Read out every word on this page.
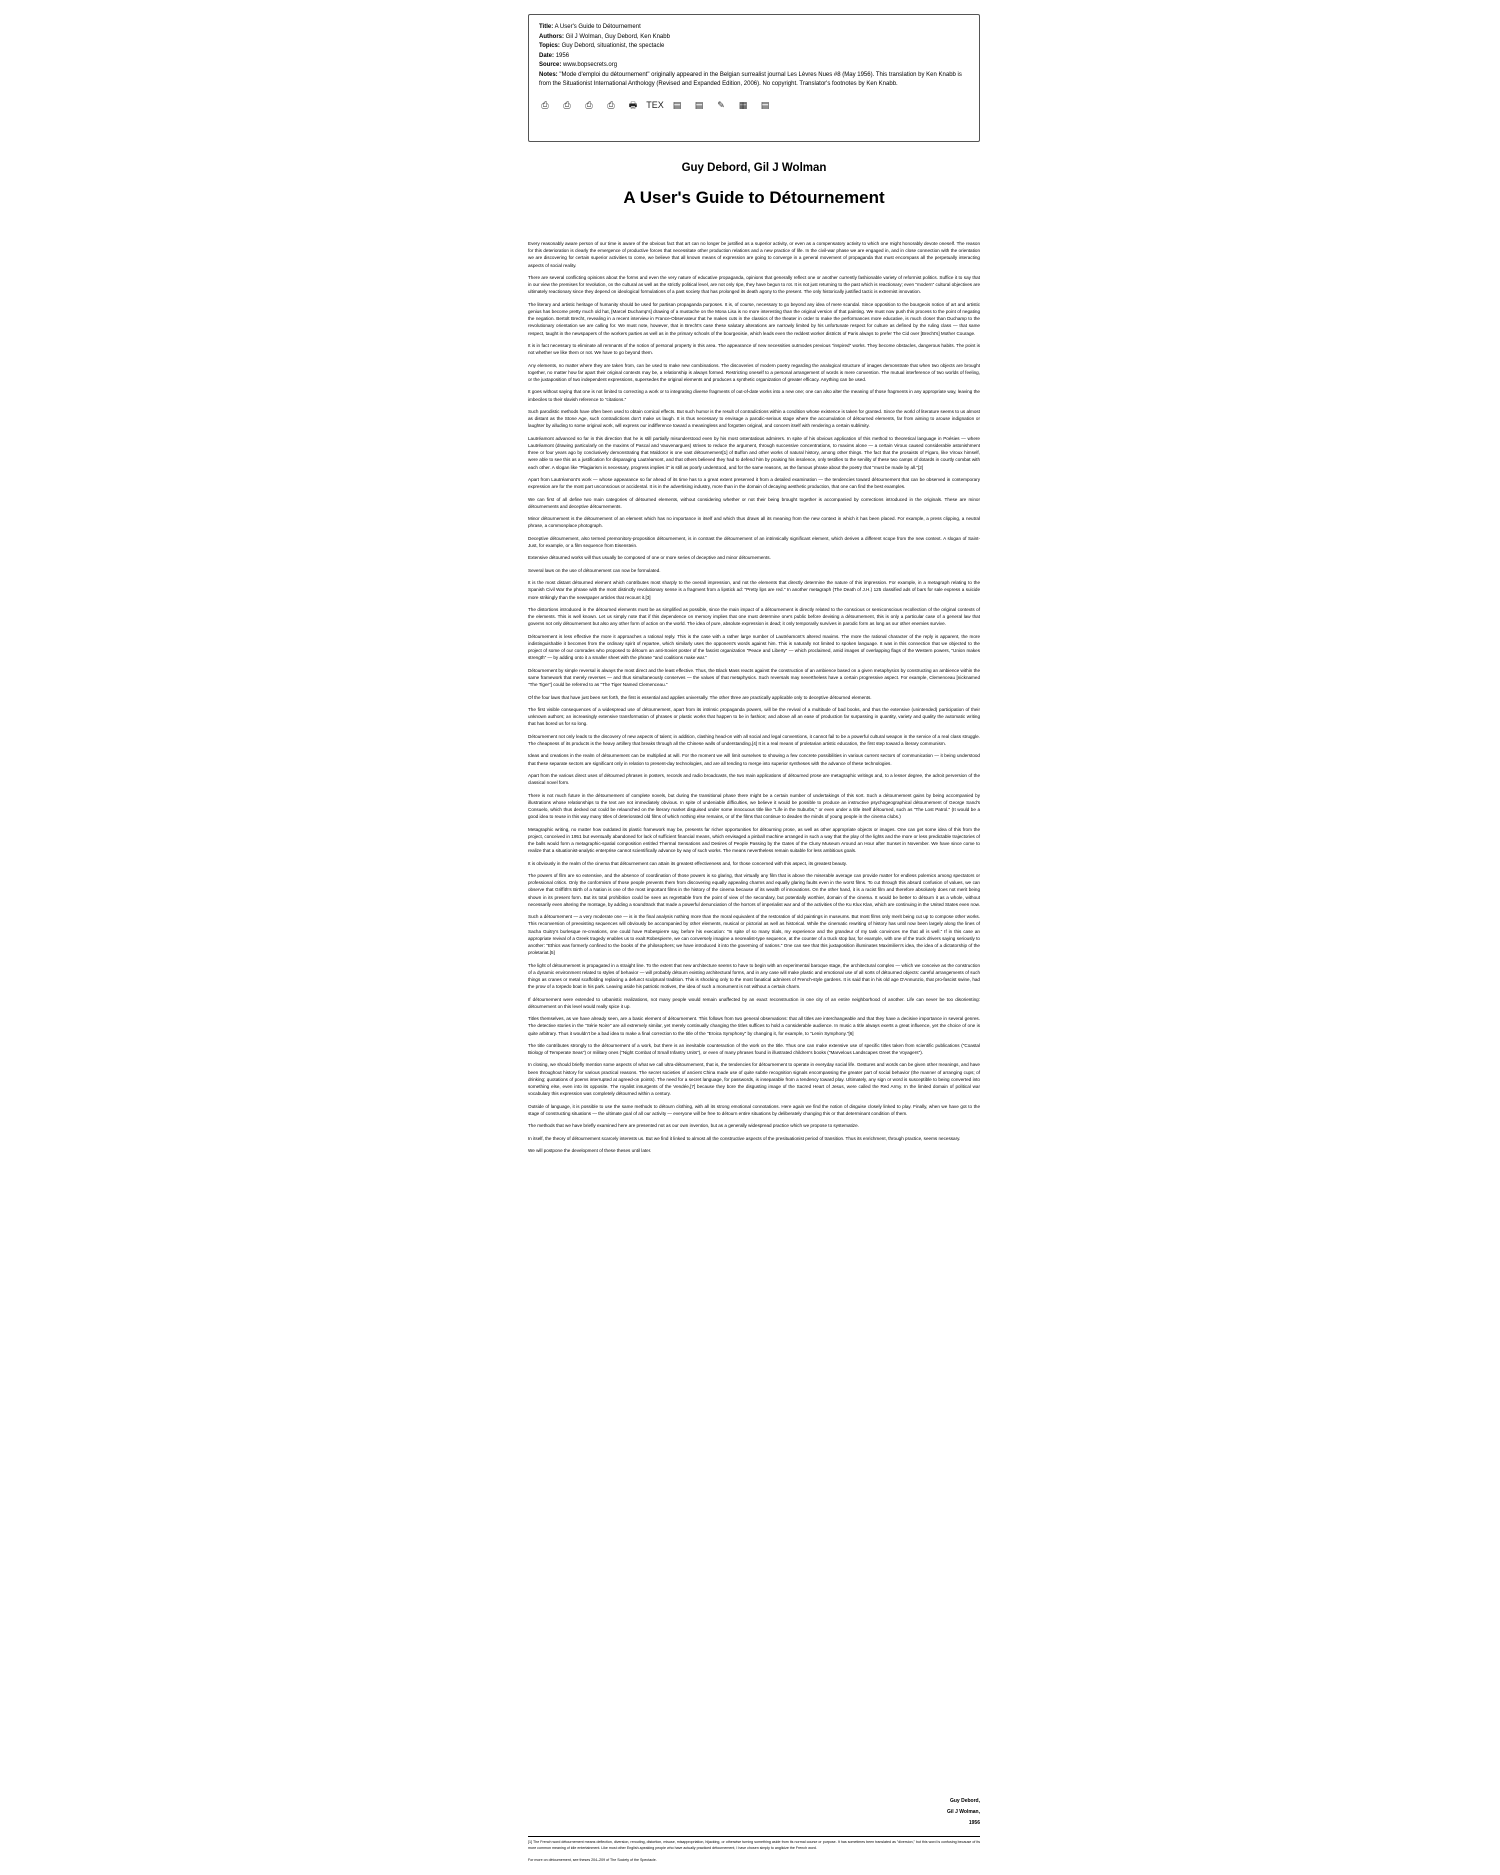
Title: A User's Guide to Détournement
Authors: Gil J Wolman, Guy Debord, Ken Knabb
Topics: Guy Debord, situationist, the spectacle
Date: 1956
Source: www.bopsecrets.org
Notes: "Mode d'emploi du détournement" originally appeared in the Belgian surrealist journal Les Lèvres Nues #8 (May 1956). This translation by Ken Knabb is from the Situationist International Anthology (Revised and Expanded Edition, 2006). No copyright. Translator's footnotes by Ken Knabb.
⎙ ⎙ ⎙ ⎙ 🖶 TEX ▤ ▤ ✎ ▦ ▤
Guy Debord, Gil J Wolman
A User's Guide to Détournement

Every reasonably aware person of our time is aware of the obvious fact that art can no longer be justified as a superior activity, or even as a compensatory activity to which one might honorably devote oneself. The reason for this deterioration is clearly the emergence of productive forces that necessitate other production relations and a new practice of life. In the civil-war phase we are engaged in, and in close connection with the orientation we are discovering for certain superior activities to come, we believe that all known means of expression are going to converge in a general movement of propaganda that must encompass all the perpetually interacting aspects of social reality.

There are several conflicting opinions about the forms and even the very nature of educative propaganda, opinions that generally reflect one or another currently fashionable variety of reformist politics. Suffice it to say that in our view the premises for revolution, on the cultural as well as the strictly political level, are not only ripe, they have begun to rot. It is not just returning to the past which is reactionary; even "modern" cultural objectives are ultimately reactionary since they depend on ideological formulations of a past society that has prolonged its death agony to the present. The only historically justified tactic is extremist innovation.

The literary and artistic heritage of humanity should be used for partisan propaganda purposes. It is, of course, necessary to go beyond any idea of mere scandal. Since opposition to the bourgeois notion of art and artistic genius has become pretty much old hat, [Marcel Duchamp's] drawing of a mustache on the Mona Lisa is no more interesting than the original version of that painting. We must now push this process to the point of negating the negation. Bertolt Brecht, revealing in a recent interview in France-Observateur that he makes cuts in the classics of the theater in order to make the performances more educative, is much closer than Duchamp to the revolutionary orientation we are calling for. We must note, however, that in Brecht's case these salutary alterations are narrowly limited by his unfortunate respect for culture as defined by the ruling class — that same respect, taught in the newspapers of the workers parties as well as in the primary schools of the bourgeoisie, which leads even the reddest worker districts of Paris always to prefer The Cid over [Brecht's] Mother Courage.

It is in fact necessary to eliminate all remnants of the notion of personal property in this area. The appearance of new necessities outmodes previous "inspired" works. They become obstacles, dangerous habits. The point is not whether we like them or not. We have to go beyond them.

Any elements, no matter where they are taken from, can be used to make new combinations. The discoveries of modern poetry regarding the analogical structure of images demonstrate that when two objects are brought together, no matter how far apart their original contexts may be, a relationship is always formed. Restricting oneself to a personal arrangement of words is mere convention. The mutual interference of two worlds of feeling, or the juxtaposition of two independent expressions, supersedes the original elements and produces a synthetic organization of greater efficacy. Anything can be used.

It goes without saying that one is not limited to correcting a work or to integrating diverse fragments of out-of-date works into a new one; one can also alter the meaning of those fragments in any appropriate way, leaving the imbeciles to their slavish reference to "citations."

Such parodistic methods have often been used to obtain comical effects. But such humor is the result of contradictions within a condition whose existence is taken for granted. Since the world of literature seems to us almost as distant as the Stone Age, such contradictions don't make us laugh. It is thus necessary to envisage a parodic-serious stage where the accumulation of détourned elements, far from aiming to arouse indignation or laughter by alluding to some original work, will express our indifference toward a meaningless and forgotten original, and concern itself with rendering a certain sublimity.

Lautréamont advanced so far in this direction that he is still partially misunderstood even by his most ostentatious admirers. In spite of his obvious application of this method to theoretical language in Poésies — where Lautréamont (drawing particularly on the maxims of Pascal and Vauvenargues) strives to reduce the argument, through successive concentrations, to maxims alone — a certain Viroux caused considerable astonishment three or four years ago by conclusively demonstrating that Maldoror is one vast détournement[1] of Buffon and other works of natural history, among other things. The fact that the prosaists of Figaro, like Viroux himself, were able to see this as a justification for disparaging Lautréamont, and that others believed they had to defend him by praising his insolence, only testifies to the senility of these two camps of dotards in courtly combat with each other. A slogan like "Plagiarism is necessary, progress implies it" is still as poorly understood, and for the same reasons, as the famous phrase about the poetry that "must be made by all."[2]

Apart from Lautréamont's work — whose appearance so far ahead of its time has to a great extent preserved it from a detailed examination — the tendencies toward détournement that can be observed in contemporary expression are for the most part unconscious or accidental. It is in the advertising industry, more than in the domain of decaying aesthetic production, that one can find the best examples.

We can first of all define two main categories of détourned elements, without considering whether or not their being brought together is accompanied by corrections introduced in the originals. These are minor détournements and deceptive détournements.

Minor détournement is the détournement of an element which has no importance in itself and which thus draws all its meaning from the new context in which it has been placed. For example, a press clipping, a neutral phrase, a commonplace photograph.

Deceptive détournement, also termed premonitory-proposition détournement, is in contrast the détournement of an intrinsically significant element, which derives a different scope from the new context. A slogan of Saint-Just, for example, or a film sequence from Eisenstein.

Extensive détourned works will thus usually be composed of one or more series of deceptive and minor détournements.

Several laws on the use of détournement can now be formulated.

It is the most distant détourned element which contributes most sharply to the overall impression, and not the elements that directly determine the nature of this impression. For example, in a metagraph relating to the Spanish Civil War the phrase with the most distinctly revolutionary sense is a fragment from a lipstick ad: "Pretty lips are red." In another metagraph (The Death of J.H.) 125 classified ads of bars for sale express a suicide more strikingly than the newspaper articles that recount it.[3]

The distortions introduced in the détourned elements must be as simplified as possible, since the main impact of a détournement is directly related to the conscious or semiconscious recollection of the original contexts of the elements. This is well known. Let us simply note that if this dependence on memory implies that one must determine one's public before devising a détournement, this is only a particular case of a general law that governs not only détournement but also any other form of action on the world. The idea of pure, absolute expression is dead; it only temporarily survives in parodic form as long as our other enemies survive.

Détournement is less effective the more it approaches a rational reply. This is the case with a rather large number of Lautréamont's altered maxims. The more the rational character of the reply is apparent, the more indistinguishable it becomes from the ordinary spirit of repartee, which similarly uses the opponent's words against him. This is naturally not limited to spoken language. It was in this connection that we objected to the project of some of our comrades who proposed to détourn an anti-Soviet poster of the fascist organization "Peace and Liberty" — which proclaimed, amid images of overlapping flags of the Western powers, "Union makes strength" — by adding onto it a smaller sheet with the phrase "and coalitions make war."

Détournement by simple reversal is always the most direct and the least effective. Thus, the Black Mass reacts against the construction of an ambience based on a given metaphysics by constructing an ambience within the same framework that merely reverses — and thus simultaneously conserves — the values of that metaphysics. Such reversals may nevertheless have a certain progressive aspect. For example, Clemenceau [nicknamed "The Tiger"] could be referred to as "The Tiger Named Clemenceau."

Of the four laws that have just been set forth, the first is essential and applies universally. The other three are practically applicable only to deceptive détourned elements.

The first visible consequences of a widespread use of détournement, apart from its intrinsic propaganda powers, will be the revival of a multitude of bad books, and thus the extensive (unintended) participation of their unknown authors; an increasingly extensive transformation of phrases or plastic works that happen to be in fashion; and above all an ease of production far surpassing in quantity, variety and quality the automatic writing that has bored us for so long.

Détournement not only leads to the discovery of new aspects of talent; in addition, clashing head-on with all social and legal conventions, it cannot fail to be a powerful cultural weapon in the service of a real class struggle. The cheapness of its products is the heavy artillery that breaks through all the Chinese walls of understanding.[4] It is a real means of proletarian artistic education, the first step toward a literary communism.

Ideas and creations in the realm of détournement can be multiplied at will. For the moment we will limit ourselves to showing a few concrete possibilities in various current sectors of communication — it being understood that these separate sectors are significant only in relation to present-day technologies, and are all tending to merge into superior syntheses with the advance of these technologies.

Apart from the various direct uses of détourned phrases in posters, records and radio broadcasts, the two main applications of détourned prose are metagraphic writings and, to a lesser degree, the adroit perversion of the classical novel form.

There is not much future in the détournement of complete novels, but during the transitional phase there might be a certain number of undertakings of this sort. Such a détournement gains by being accompanied by illustrations whose relationships to the text are not immediately obvious. In spite of undeniable difficulties, we believe it would be possible to produce an instructive psychogeographical détournement of George Sand's Consuelo, which thus decked out could be relaunched on the literary market disguised under some innocuous title like "Life in the Suburbs," or even under a title itself détourned, such as "The Lost Patrol." (It would be a good idea to reuse in this way many titles of deteriorated old films of which nothing else remains, or of the films that continue to deaden the minds of young people in the cinema clubs.)

Metagraphic writing, no matter how outdated its plastic framework may be, presents far richer opportunities for détourning prose, as well as other appropriate objects or images. One can get some idea of this from the project, conceived in 1951 but eventually abandoned for lack of sufficient financial means, which envisaged a pinball machine arranged in such a way that the play of the lights and the more or less predictable trajectories of the balls would form a metagraphic-spatial composition entitled Thermal Sensations and Desires of People Passing by the Gates of the Cluny Museum Around an Hour after Sunset in November. We have since come to realize that a situationist-analytic enterprise cannot scientifically advance by way of such works. The means nevertheless remain suitable for less ambitious goals.

It is obviously in the realm of the cinema that détournement can attain its greatest effectiveness and, for those concerned with this aspect, its greatest beauty.

The powers of film are so extensive, and the absence of coordination of those powers is so glaring, that virtually any film that is above the miserable average can provide matter for endless polemics among spectators or professional critics. Only the conformism of those people prevents them from discovering equally appealing charms and equally glaring faults even in the worst films. To cut through this absurd confusion of values, we can observe that Griffith's Birth of a Nation is one of the most important films in the history of the cinema because of its wealth of innovations. On the other hand, it is a racist film and therefore absolutely does not merit being shown in its present form. But its total prohibition could be seen as regrettable from the point of view of the secondary, but potentially worthier, domain of the cinema. It would be better to détourn it as a whole, without necessarily even altering the montage, by adding a soundtrack that made a powerful denunciation of the horrors of imperialist war and of the activities of the Ku Klux Klan, which are continuing in the United States even now.

Such a détournement — a very moderate one — is in the final analysis nothing more than the moral equivalent of the restoration of old paintings in museums. But most films only merit being cut up to compose other works. This reconversion of preexisting sequences will obviously be accompanied by other elements, musical or pictorial as well as historical. While the cinematic rewriting of history has until now been largely along the lines of Sacha Guitry's burlesque re-creations, one could have Robespierre say, before his execution: "In spite of so many trials, my experience and the grandeur of my task convinces me that all is well." If in this case an appropriate revival of a Greek tragedy enables us to exalt Robespierre, we can conversely imagine a neorealist-type sequence, at the counter of a truck stop bar, for example, with one of the truck drivers saying seriously to another: "Ethics was formerly confined to the books of the philosophers; we have introduced it into the governing of nations." One can see that this juxtaposition illuminates Maximilien's idea, the idea of a dictatorship of the proletariat.[5]

The light of détournement is propagated in a straight line. To the extent that new architecture seems to have to begin with an experimental baroque stage, the architectural complex — which we conceive as the construction of a dynamic environment related to styles of behavior — will probably détourn existing architectural forms, and in any case will make plastic and emotional use of all sorts of détourned objects: careful arrangements of such things as cranes or metal scaffolding replacing a defunct sculptural tradition. This is shocking only to the most fanatical admirers of French-style gardens. It is said that in his old age D'Annunzio, that pro-fascist swine, had the prow of a torpedo boat in his park. Leaving aside his patriotic motives, the idea of such a monument is not without a certain charm.

If détournement were extended to urbanistic realizations, not many people would remain unaffected by an exact reconstruction in one city of an entire neighborhood of another. Life can never be too disorienting: détournement on this level would really spice it up.

Titles themselves, as we have already seen, are a basic element of détournement. This follows from two general observations: that all titles are interchangeable and that they have a decisive importance in several genres. The detective stories in the "Série Noire" are all extremely similar, yet merely continually changing the titles suffices to hold a considerable audience. In music a title always exerts a great influence, yet the choice of one is quite arbitrary. Thus it wouldn't be a bad idea to make a final correction to the title of the "Eroica Symphony" by changing it, for example, to "Lenin Symphony."[6]

The title contributes strongly to the détournement of a work, but there is an inevitable counteraction of the work on the title. Thus one can make extensive use of specific titles taken from scientific publications ("Coastal Biology of Temperate Seas") or military ones ("Night Combat of Small Infantry Units"), or even of many phrases found in illustrated children's books ("Marvelous Landscapes Greet the Voyagers").

In closing, we should briefly mention some aspects of what we call ultra-détournement, that is, the tendencies for détournement to operate in everyday social life. Gestures and words can be given other meanings, and have been throughout history for various practical reasons. The secret societies of ancient China made use of quite subtle recognition signals encompassing the greater part of social behavior (the manner of arranging cups; of drinking; quotations of poems interrupted at agreed-on points). The need for a secret language, for passwords, is inseparable from a tendency toward play. Ultimately, any sign or word is susceptible to being converted into something else, even into its opposite. The royalist insurgents of the Vendée,[7] because they bore the disgusting image of the Sacred Heart of Jesus, were called the Red Army. In the limited domain of political war vocabulary this expression was completely détourned within a century.

Outside of language, it is possible to use the same methods to détourn clothing, with all its strong emotional connotations. Here again we find the notion of disguise closely linked to play. Finally, when we have got to the stage of constructing situations — the ultimate goal of all our activity — everyone will be free to détourn entire situations by deliberately changing this or that determinant condition of them.

The methods that we have briefly examined here are presented not as our own invention, but as a generally widespread practice which we propose to systematize.

In itself, the theory of détournement scarcely interests us. But we find it linked to almost all the constructive aspects of the presituationist period of transition. Thus its enrichment, through practice, seems necessary.

We will postpone the development of these theses until later.

Guy Debord,
Gil J Wolman,
1956

[1] The French word détournement means deflection, diversion, rerouting, distortion, misuse, misappropriation, hijacking, or otherwise turning something aside from its normal course or purpose. It has sometimes been translated as "diversion," but this word is confusing because of its more common meaning of idle entertainment. Like most other English-speaking people who have actually practiced détournement, I have chosen simply to anglicize the French word.

For more on détournement, see theses 204–209 of The Society of the Spectacle.
